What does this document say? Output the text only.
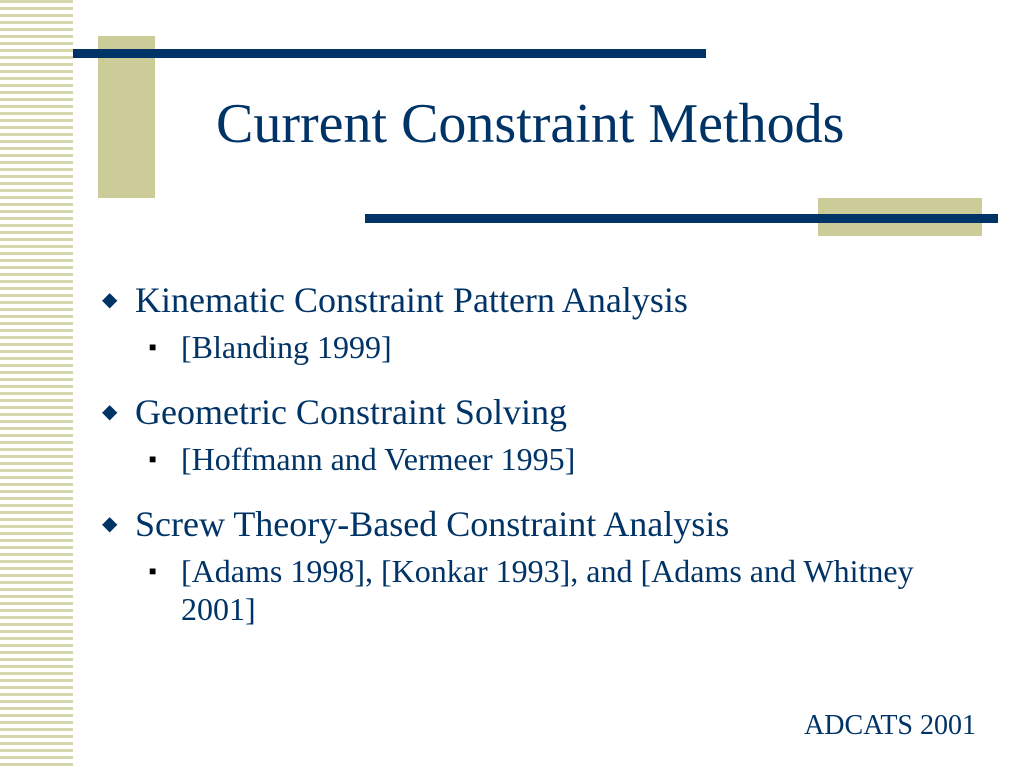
Current Constraint Methods
◆ Kinematic Constraint Pattern Analysis
■ [Blanding 1999]
◆ Geometric Constraint Solving
■ [Hoffmann and Vermeer 1995]
◆ Screw Theory-Based Constraint Analysis
■ [Adams 1998], [Konkar 1993], and [Adams and Whitney 2001]
ADCATS 2001
